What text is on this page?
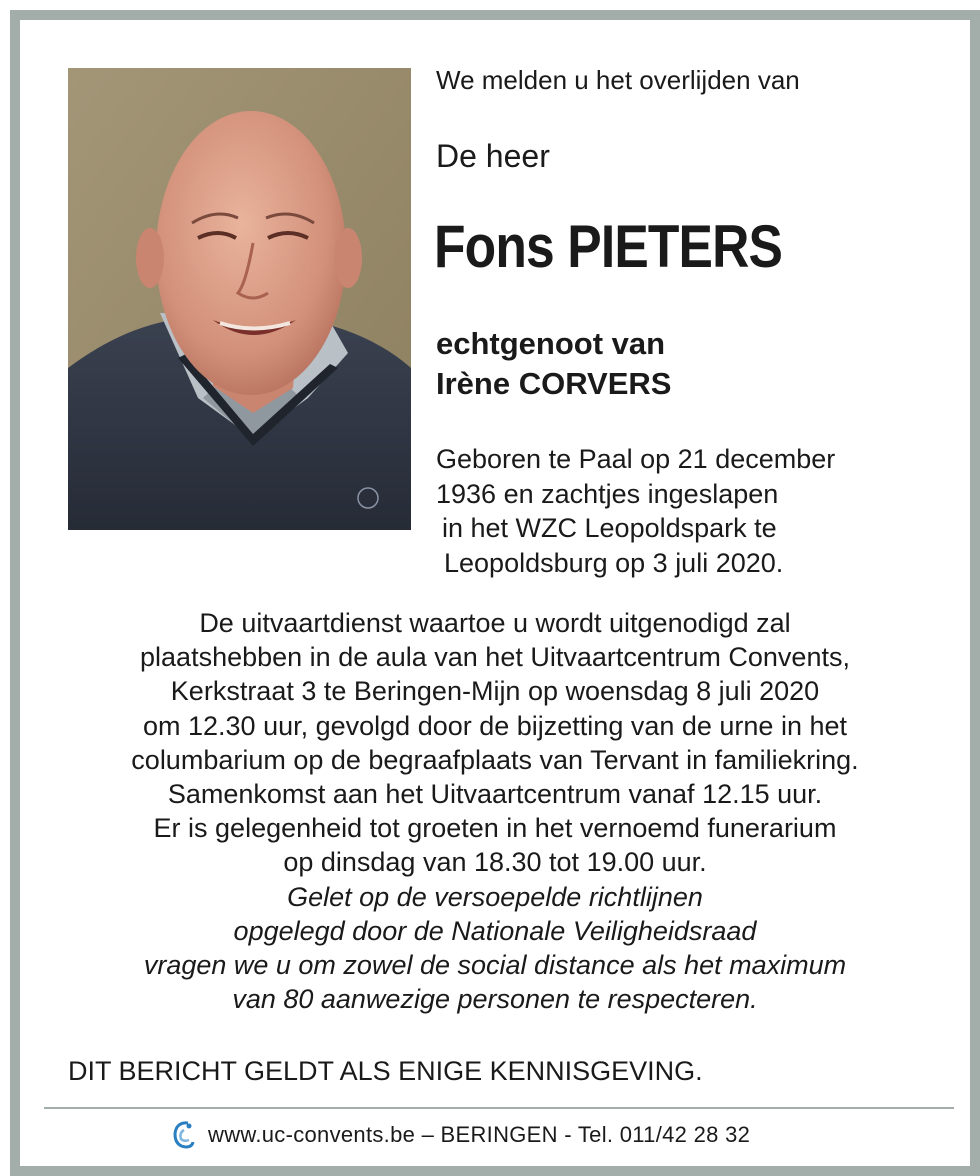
We melden u het overlijden van
De heer
Fons PIETERS
echtgenoot van
Irène CORVERS
Geboren te Paal op 21 december
1936 en zachtjes ingeslapen
in het WZC Leopoldspark te
Leopoldsburg op 3 juli 2020.
De uitvaartdienst waartoe u wordt uitgenodigd zal
plaatshebben in de aula van het Uitvaartcentrum Convents,
Kerkstraat 3 te Beringen-Mijn op woensdag 8 juli 2020
om 12.30 uur, gevolgd door de bijzetting van de urne in het
columbarium op de begraafplaats van Tervant in familiekring.
Samenkomst aan het Uitvaartcentrum vanaf 12.15 uur.
Er is gelegenheid tot groeten in het vernoemd funerarium
op dinsdag van 18.30 tot 19.00 uur.
Gelet op de versoepelde richtlijnen
opgelegd door de Nationale Veiligheidsraad
vragen we u om zowel de social distance als het maximum
van 80 aanwezige personen te respecteren.
DIT BERICHT GELDT ALS ENIGE KENNISGEVING.
www.uc-convents.be – BERINGEN - Tel. 011/42 28 32
